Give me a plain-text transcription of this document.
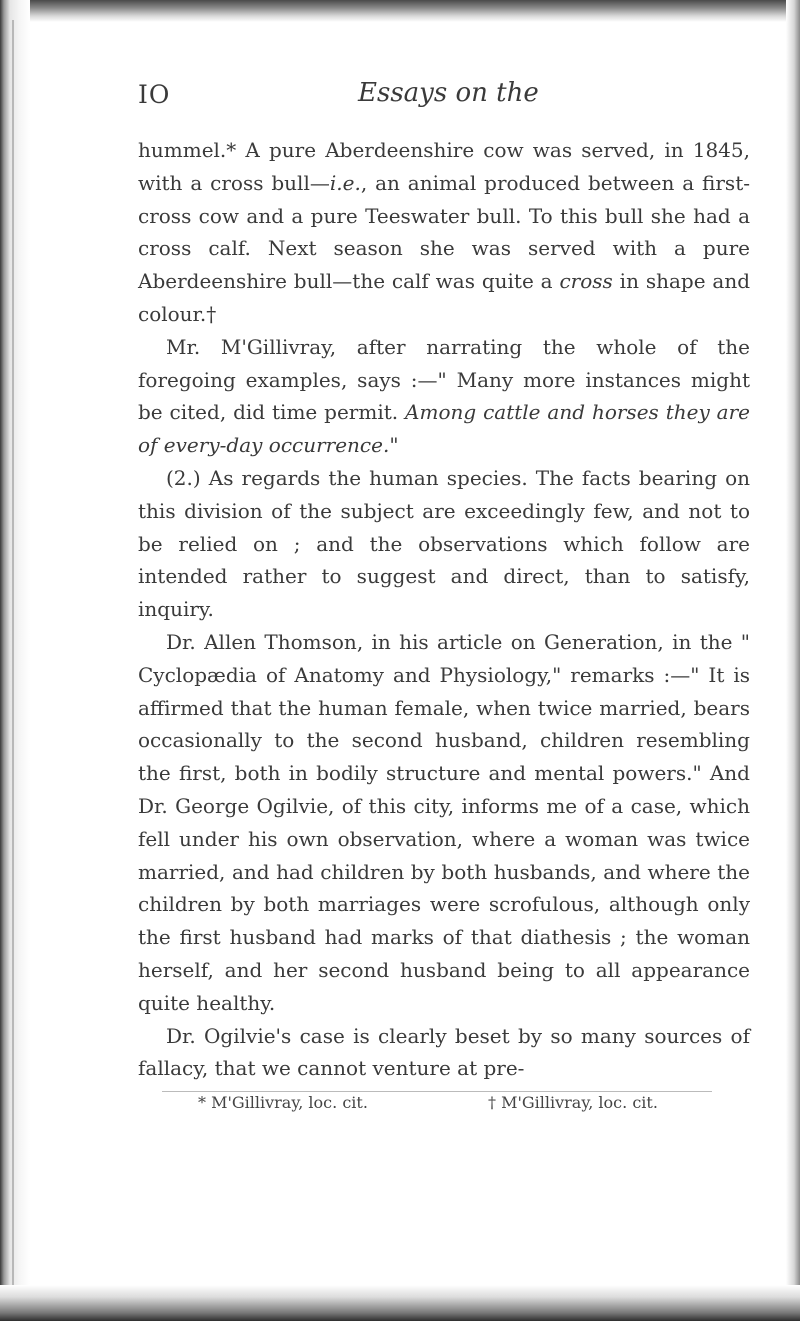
IO	Essays on the

hummel.* A pure Aberdeenshire cow was served, in 1845, with a cross bull—i.e., an animal produced between a first-cross cow and a pure Teeswater bull. To this bull she had a cross calf. Next season she was served with a pure Aberdeenshire bull—the calf was quite a cross in shape and colour.†

Mr. M'Gillivray, after narrating the whole of the foregoing examples, says :—" Many more instances might be cited, did time permit. Among cattle and horses they are of every-day occurrence."

(2.) As regards the human species. The facts bearing on this division of the subject are exceedingly few, and not to be relied on ; and the observations which follow are intended rather to suggest and direct, than to satisfy, inquiry.

Dr. Allen Thomson, in his article on Generation, in the " Cyclopædia of Anatomy and Physiology," remarks :—" It is affirmed that the human female, when twice married, bears occasionally to the second husband, children resembling the first, both in bodily structure and mental powers." And Dr. George Ogilvie, of this city, informs me of a case, which fell under his own observation, where a woman was twice married, and had children by both husbands, and where the children by both marriages were scrofulous, although only the first husband had marks of that diathesis ; the woman herself, and her second husband being to all appearance quite healthy.

Dr. Ogilvie's case is clearly beset by so many sources of fallacy, that we cannot venture at pre-

* M'Gillivray, loc. cit.	† M'Gillivray, loc. cit.
